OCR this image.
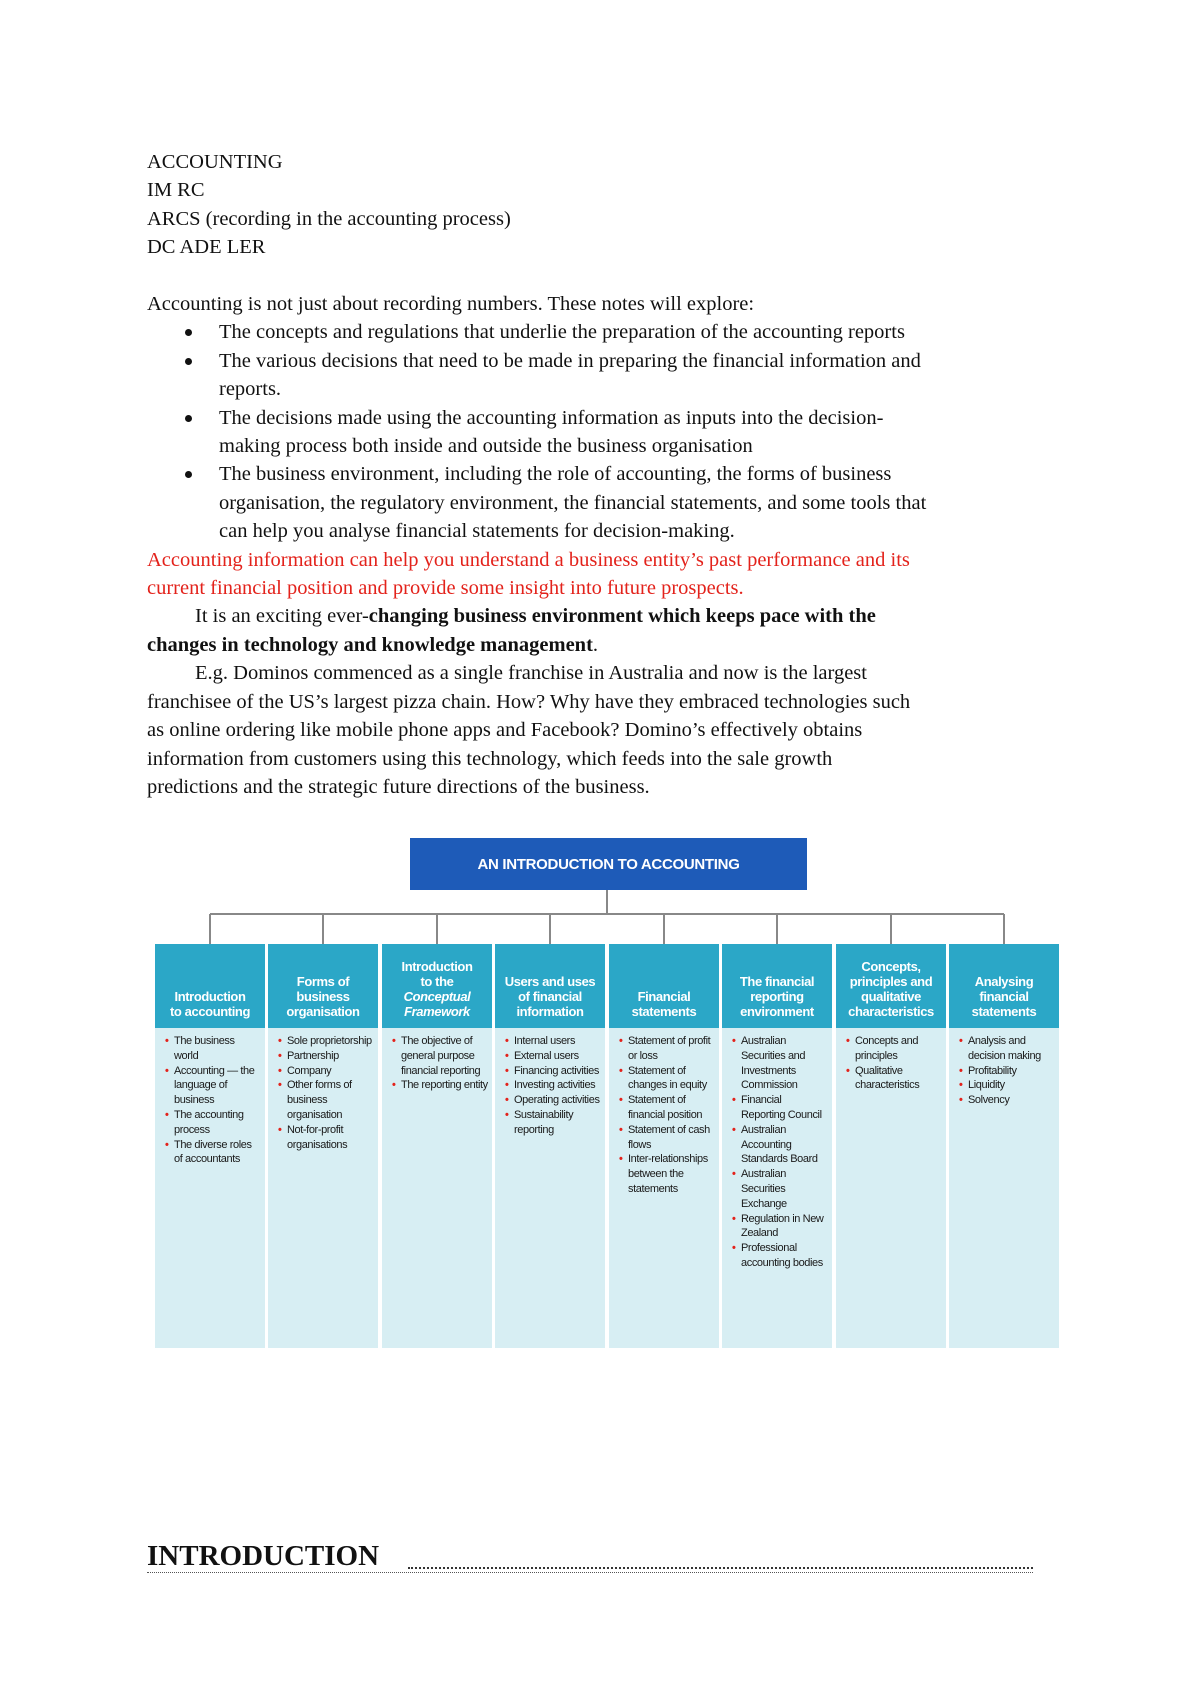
ACCOUNTING
IM RC
ARCS (recording in the accounting process)
DC ADE LER
Accounting is not just about recording numbers. These notes will explore:
The concepts and regulations that underlie the preparation of the accounting reports
The various decisions that need to be made in preparing the financial information and
reports.
The decisions made using the accounting information as inputs into the decision-
making process both inside and outside the business organisation
The business environment, including the role of accounting, the forms of business
organisation, the regulatory environment, the financial statements, and some tools that
can help you analyse financial statements for decision-making.
Accounting information can help you understand a business entity’s past performance and its
current financial position and provide some insight into future prospects.
It is an exciting ever-changing business environment which keeps pace with the
changes in technology and knowledge management.
E.g. Dominos commenced as a single franchise in Australia and now is the largest
franchisee of the US’s largest pizza chain. How? Why have they embraced technologies such
as online ordering like mobile phone apps and Facebook? Domino’s effectively obtains
information from customers using this technology, which feeds into the sale growth
predictions and the strategic future directions of the business.
AN INTRODUCTION TO ACCOUNTING
Introduction
to accounting
• The business world
• Accounting — the language of business
• The accounting process
• The diverse roles of accountants
Forms of
business
organisation
• Sole proprietorship
• Partnership
• Company
• Other forms of business organisation
• Not-for-profit organisations
Introduction
to the
Conceptual
Framework
• The objective of general purpose financial reporting
• The reporting entity
Users and uses
of financial
information
• Internal users
• External users
• Financing activities
• Investing activities
• Operating activities
• Sustainability reporting
Financial
statements
• Statement of profit or loss
• Statement of changes in equity
• Statement of financial position
• Statement of cash flows
• Inter-relationships between the statements
The financial
reporting
environment
• Australian Securities and Investments Commission
• Financial Reporting Council
• Australian Accounting Standards Board
• Australian Securities Exchange
• Regulation in New Zealand
• Professional accounting bodies
Concepts,
principles and
qualitative
characteristics
• Concepts and principles
• Qualitative characteristics
Analysing
financial
statements
• Analysis and decision making
• Profitability
• Liquidity
• Solvency
INTRODUCTION
